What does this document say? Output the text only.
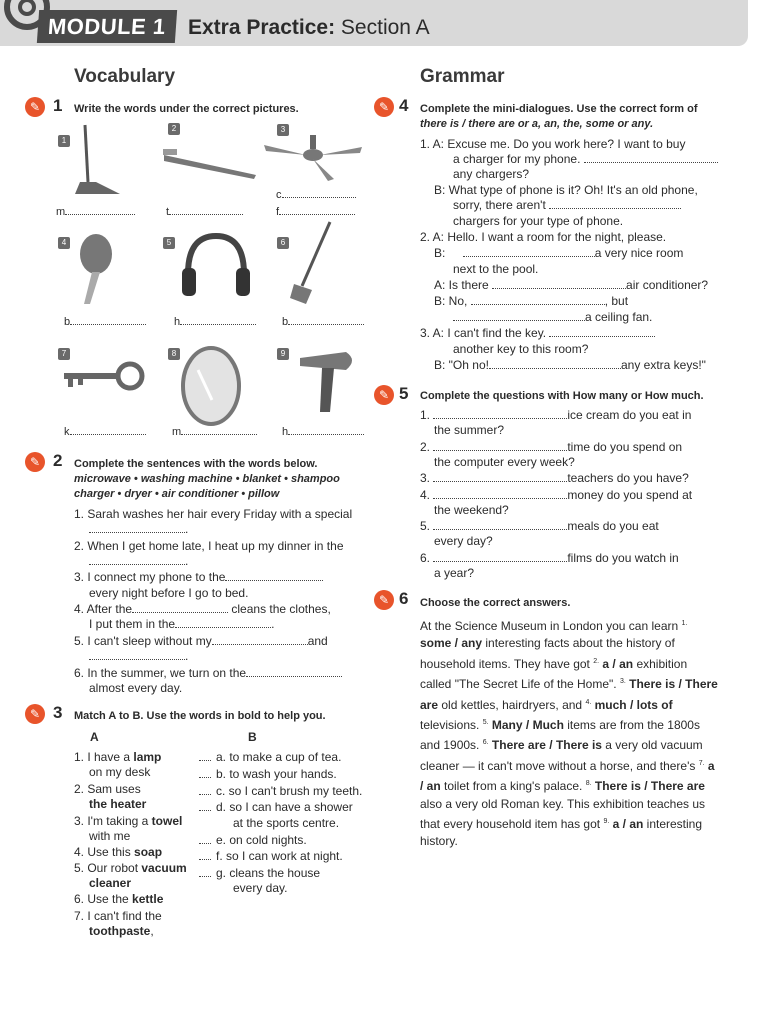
MODULE 1	Extra Practice: Section A
Vocabulary	Grammar
✎ 1 Write the words under the correct pictures.
1
2	3
c
m	t	f
4	5	6
b	h	b
7	8	9
k	m	h
✎ 2 Complete the sentences with the words below.
microwave • washing machine • blanket • shampoo
charger • dryer • air conditioner • pillow
1. Sarah washes her hair every Friday with a special
.
2. When I get home late, I heat up my dinner in the
.
3. I connect my phone to the
every night before I go to bed.
4. After the	cleans the clothes,
I put them in the	.
5. I can't sleep without my	and
.
6. In the summer, we turn on the
almost every day.
✎ 3 Match A to B. Use the words in bold to help you.
A	B
1. I have a lamp
on my desk
2. Sam uses
the heater
3. I'm taking a towel
with me
4. Use this soap
5. Our robot vacuum
cleaner
6. Use the kettle
7. I can't find the
toothpaste,
a. to make a cup of tea.
b. to wash your hands.
c. so I can't brush my teeth.
d. so I can have a shower
at the sports centre.
e. on cold nights.
f. so I can work at night.
g. cleans the house
every day.
✎ 4 Complete the mini-dialogues. Use the correct form of
there is / there are or a, an, the, some or any.
1. A: Excuse me. Do you work here? I want to buy
a charger for my phone.
any chargers?
B: What type of phone is it? Oh! It's an old phone,
sorry, there aren't
chargers for your type of phone.
2. A: Hello. I want a room for the night, please.
B:	a very nice room
next to the pool.
A: Is there	air conditioner?
B: No,	, but
a ceiling fan.
3. A: I can't find the key.
another key to this room?
B: "Oh no!	any extra keys!"
✎ 5 Complete the questions with How many or How much.
1.	ice cream do you eat in
the summer?
2.	time do you spend on
the computer every week?
3.	teachers do you have?
4.	money do you spend at
the weekend?
5.	meals do you eat
every day?
6.	films do you watch in
a year?
✎ 6 Choose the correct answers.
At the Science Museum in London you can learn $^{1.}$ some / any interesting facts about the history of household items. They have got $^{2.}$ a / an exhibition called "The Secret Life of the Home". $^{3.}$ There is / There are old kettles, hairdryers, and $^{4.}$ much / lots of televisions. $^{5.}$ Many / Much items are from the 1800s and 1900s. $^{6.}$ There are / There is a very old vacuum cleaner — it can't move without a horse, and there's $^{7.}$ a / an toilet from a king's palace. $^{8.}$ There is / There are also a very old Roman key. This exhibition teaches us that every household item has got $^{9.}$ a / an interesting history.
